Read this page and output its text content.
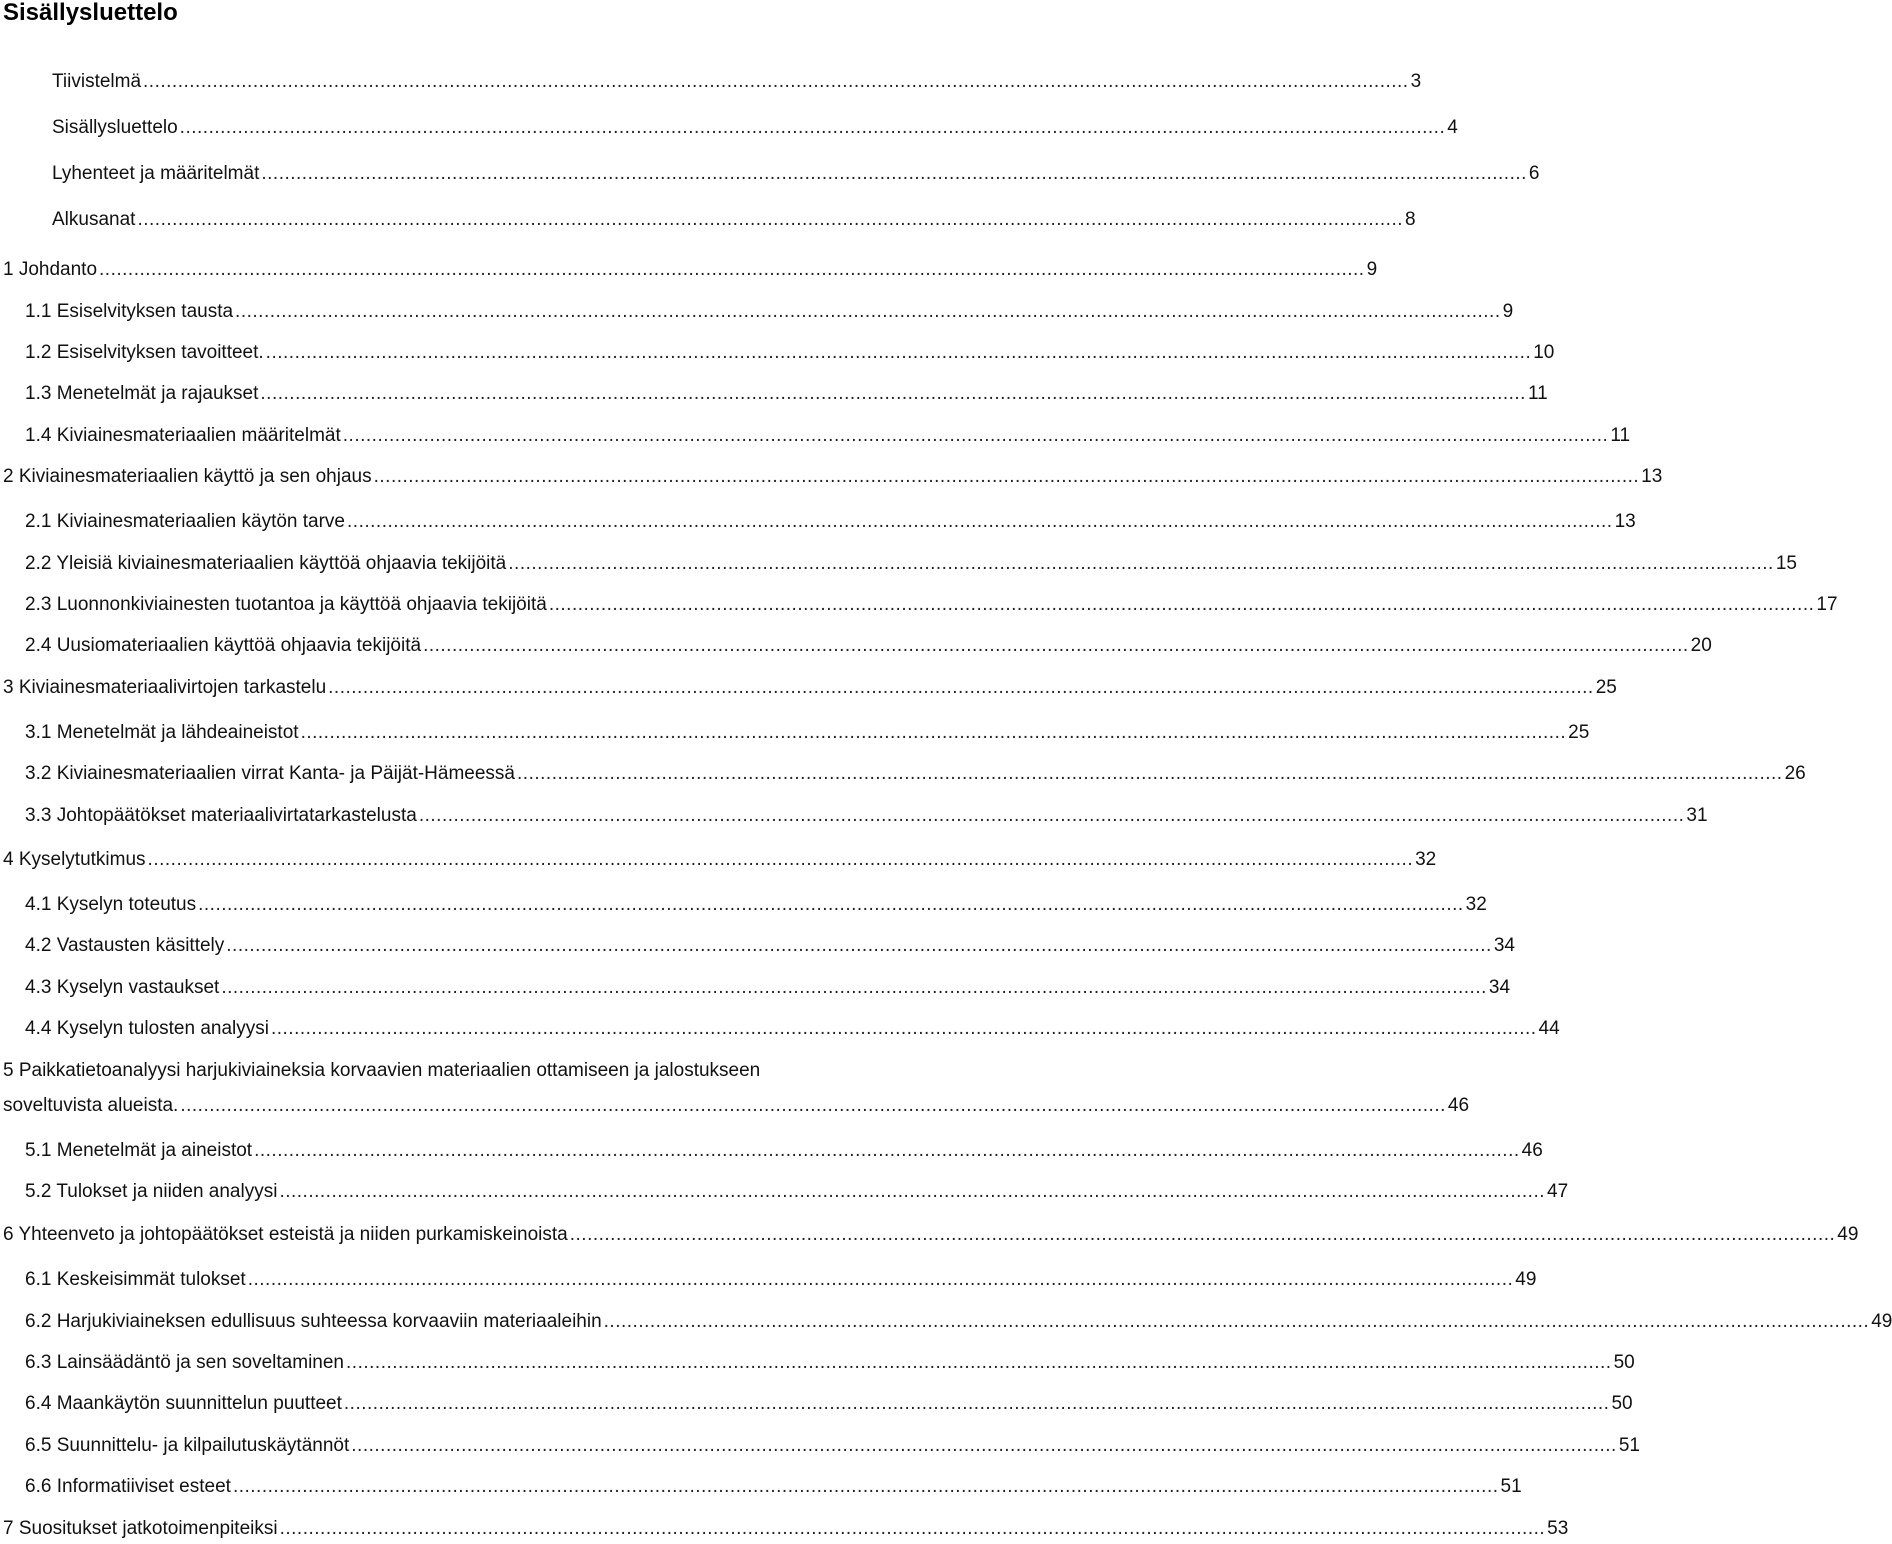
Sisällysluettelo
Tiivistelmä ........................................................................................................................................................................................................................... 3
Sisällysluettelo ........................................................................................................................................................................................................................... 4
Lyhenteet ja määritelmät ........................................................................................................................................................................................................................... 6
Alkusanat ........................................................................................................................................................................................................................... 8
1 Johdanto ........................................................................................................................................................................................................................... 9
1.1 Esiselvityksen tausta ........................................................................................................................................................................................................................... 9
1.2 Esiselvityksen tavoitteet. ........................................................................................................................................................................................................................... 10
1.3 Menetelmät ja rajaukset ........................................................................................................................................................................................................................... 11
1.4 Kiviainesmateriaalien määritelmät ........................................................................................................................................................................................................................... 11
2 Kiviainesmateriaalien käyttö ja sen ohjaus ........................................................................................................................................................................................................................... 13
2.1 Kiviainesmateriaalien käytön tarve ........................................................................................................................................................................................................................... 13
2.2 Yleisiä kiviainesmateriaalien käyttöä ohjaavia tekijöitä ........................................................................................................................................................................................................................... 15
2.3 Luonnonkiviainesten tuotantoa ja käyttöä ohjaavia tekijöitä ........................................................................................................................................................................................................................... 17
2.4 Uusiomateriaalien käyttöä ohjaavia tekijöitä ........................................................................................................................................................................................................................... 20
3 Kiviainesmateriaalivirtojen tarkastelu ........................................................................................................................................................................................................................... 25
3.1 Menetelmät ja lähdeaineistot ........................................................................................................................................................................................................................... 25
3.2 Kiviainesmateriaalien virrat Kanta- ja Päijät-Hämeessä ........................................................................................................................................................................................................................... 26
3.3 Johtopäätökset materiaalivirtatarkastelusta ........................................................................................................................................................................................................................... 31
4 Kyselytutkimus ........................................................................................................................................................................................................................... 32
4.1 Kyselyn toteutus ........................................................................................................................................................................................................................... 32
4.2 Vastausten käsittely ........................................................................................................................................................................................................................... 34
4.3 Kyselyn vastaukset ........................................................................................................................................................................................................................... 34
4.4 Kyselyn tulosten analyysi ........................................................................................................................................................................................................................... 44
5 Paikkatietoanalyysi harjukiviaineksia korvaavien materiaalien ottamiseen ja jalostukseen
soveltuvista alueista. ........................................................................................................................................................................................................................... 46
5.1 Menetelmät ja aineistot ........................................................................................................................................................................................................................... 46
5.2 Tulokset ja niiden analyysi ........................................................................................................................................................................................................................... 47
6 Yhteenveto ja johtopäätökset esteistä ja niiden purkamiskeinoista ........................................................................................................................................................................................................................... 49
6.1 Keskeisimmät tulokset ........................................................................................................................................................................................................................... 49
6.2 Harjukiviaineksen edullisuus suhteessa korvaaviin materiaaleihin ........................................................................................................................................................................................................................... 49
6.3 Lainsäädäntö ja sen soveltaminen ........................................................................................................................................................................................................................... 50
6.4 Maankäytön suunnittelun puutteet ........................................................................................................................................................................................................................... 50
6.5 Suunnittelu- ja kilpailutuskäytännöt ........................................................................................................................................................................................................................... 51
6.6 Informatiiviset esteet ........................................................................................................................................................................................................................... 51
7 Suositukset jatkotoimenpiteiksi ........................................................................................................................................................................................................................... 53
